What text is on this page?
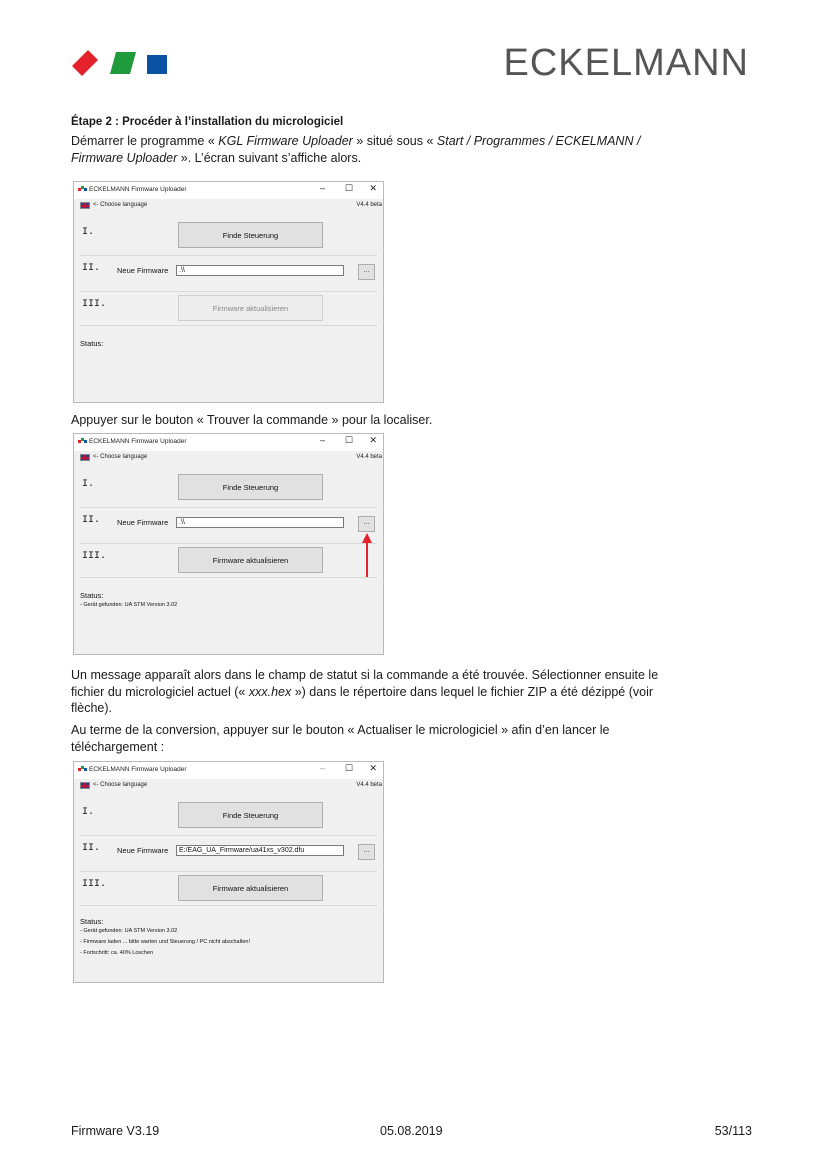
ECKELMANN
Étape 2 : Procéder à l’installation du micrologiciel
Démarrer le programme « KGL Firmware Uploader » situé sous « Start / Programmes / ECKELMANN /
Firmware Uploader ». L’écran suivant s’affiche alors.
ECKELMANN Firmware Uploader	– ☐ ✕
<- Choose language	V4.4 beta
I.	Finde Steuerung
II. Neue Firmware	.\\	...
III.	Firmware aktualisieren
Status:
Appuyer sur le bouton « Trouver la commande » pour la localiser.
ECKELMANN Firmware Uploader	– ☐ ✕
<- Choose language	V4.4 beta
I.	Finde Steuerung
II. Neue Firmware	.\\	...
III.	Firmware aktualisieren
Status:
- Gerät gefunden: UA STM Version 3.02
Un message apparaît alors dans le champ de statut si la commande a été trouvée. Sélectionner ensuite le
fichier du micrologiciel actuel (« xxx.hex ») dans le répertoire dans lequel le fichier ZIP a été dézippé (voir
flèche).
Au terme de la conversion, appuyer sur le bouton « Actualiser le micrologiciel » afin d’en lancer le
téléchargement :
ECKELMANN Firmware Uploader	– ☐ ✕
<- Choose language	V4.4 beta
I.	Finde Steuerung
II. Neue Firmware	E:/EAG_UA_Firmware/ua41xs_v302.dfu	...
III.	Firmware aktualisieren
Status:
- Gerät gefunden: UA STM Version 3.02
- Firmware laden ... bitte warten und Steuerung / PC nicht abschalten!
- Fortschritt: ca. 40% Loschen
Firmware V3.19	05.08.2019	53/113
